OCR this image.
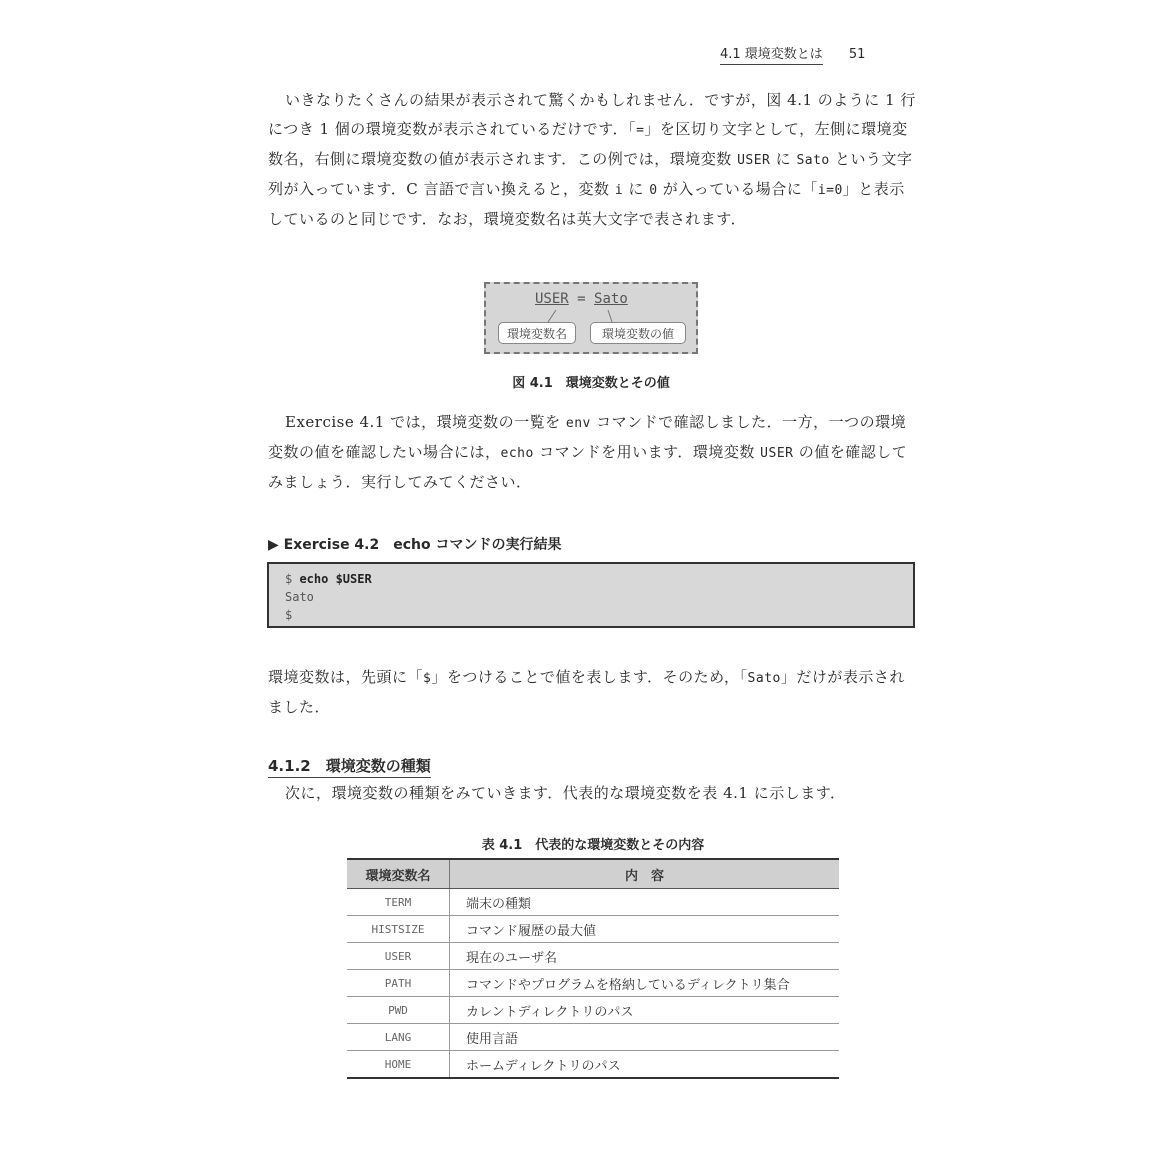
4.1 環境変数とは 51
いきなりたくさんの結果が表示されて驚くかもしれません．ですが，図 4.1 のように 1 行につき 1 個の環境変数が表示されているだけです．「=」を区切り文字として，左側に環境変数名，右側に環境変数の値が表示されます．この例では，環境変数 USER に Sato という文字列が入っています．C 言語で言い換えると，変数 i に 0 が入っている場合に「i=0」と表示しているのと同じです．なお，環境変数名は英大文字で表されます．
USER = Sato
環境変数名	環境変数の値
図 4.1　環境変数とその値
Exercise 4.1 では，環境変数の一覧を env コマンドで確認しました．一方，一つの環境変数の値を確認したい場合には，echo コマンドを用います．環境変数 USER の値を確認してみましょう．実行してみてください．
▶ Exercise 4.2　echo コマンドの実行結果
$ echo $USER
Sato
$
環境変数は，先頭に「$」をつけることで値を表します．そのため，「Sato」だけが表示されました．
4.1.2　環境変数の種類
次に，環境変数の種類をみていきます．代表的な環境変数を表 4.1 に示します．
表 4.1　代表的な環境変数とその内容
環境変数名	内　容
TERM	端末の種類
HISTSIZE	コマンド履歴の最大値
USER	現在のユーザ名
PATH	コマンドやプログラムを格納しているディレクトリ集合
PWD	カレントディレクトリのパス
LANG	使用言語
HOME	ホームディレクトリのパス
